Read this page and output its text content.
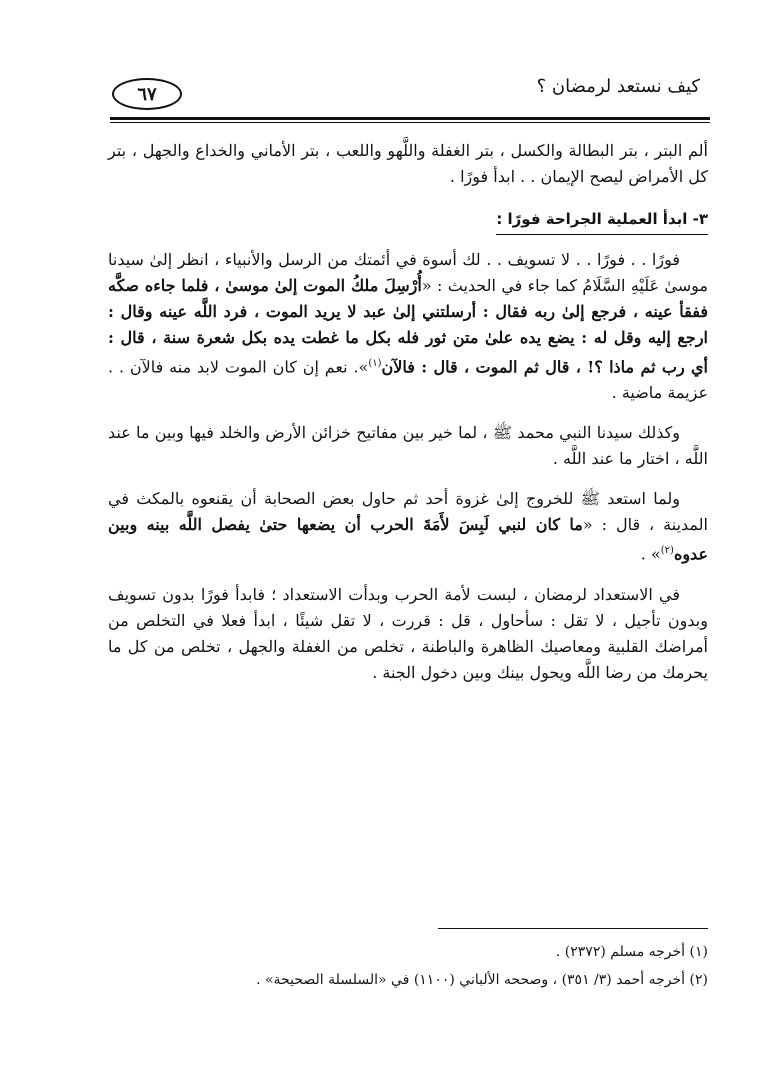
كيف نستعد لرمضان ؟
٦٧

ألم البتر ، بتر البطالة والكسل ، بتر الغفلة واللَّهو واللعب ، بتر الأماني والخداع والجهل ، بتر كل الأمراض ليصح الإيمان . . ابدأ فورًا .

٣- ابدأ العملية الجراحة فورًا :

فورًا . . فورًا . . لا تسويف . . لك أسوة في أئمتك من الرسل والأنبياء ، انظر إلىٰ سيدنا موسىٰ عَلَيْهِ السَّلَامُ كما جاء في الحديث : «أُرْسِلَ ملكُ الموت إلىٰ موسىٰ ، فلما جاءه صكَّه ففقأ عينه ، فرجع إلىٰ ربه فقال : أرسلتني إلىٰ عبد لا يريد الموت ، فرد اللَّه عينه وقال : ارجع إليه وقل له : يضع يده علىٰ متن ثور فله بكل ما غطت يده بكل شعرة سنة ، قال : أي رب ثم ماذا ؟! ، قال ثم الموت ، قال : فالآن$^{(١)}$». نعم إن كان الموت لابد منه فالآن . . عزيمة ماضية .

وكذلك سيدنا النبي محمد ﷺ ، لما خير بين مفاتيح خزائن الأرض والخلد فيها وبين ما عند اللَّه ، اختار ما عند اللَّه .

ولما استعد ﷺ للخروج إلىٰ غزوة أحد ثم حاول بعض الصحابة أن يقنعوه بالمكث في المدينة ، قال : «ما كان لنبي لَبِسَ لأَمَةَ الحرب أن يضعها حتىٰ يفصل اللَّه بينه وبين عدوه$^{(٢)}$» .

في الاستعداد لرمضان ، لبست لأمة الحرب وبدأت الاستعداد ؛ فابدأ فورًا بدون تسويف وبدون تأجيل ، لا تقل : سأحاول ، قل : قررت ، لا تقل شيئًا ، ابدأ فعلا في التخلص من أمراضك القلبية ومعاصيك الظاهرة والباطنة ، تخلص من الغفلة والجهل ، تخلص من كل ما يحرمك من رضا اللَّه ويحول بينك وبين دخول الجنة .

(١) أخرجه مسلم (٢٣٧٢) .

(٢) أخرجه أحمد (٣/ ٣٥١) ، وصححه الألباني (١١٠٠) في «السلسلة الصحيحة» .
